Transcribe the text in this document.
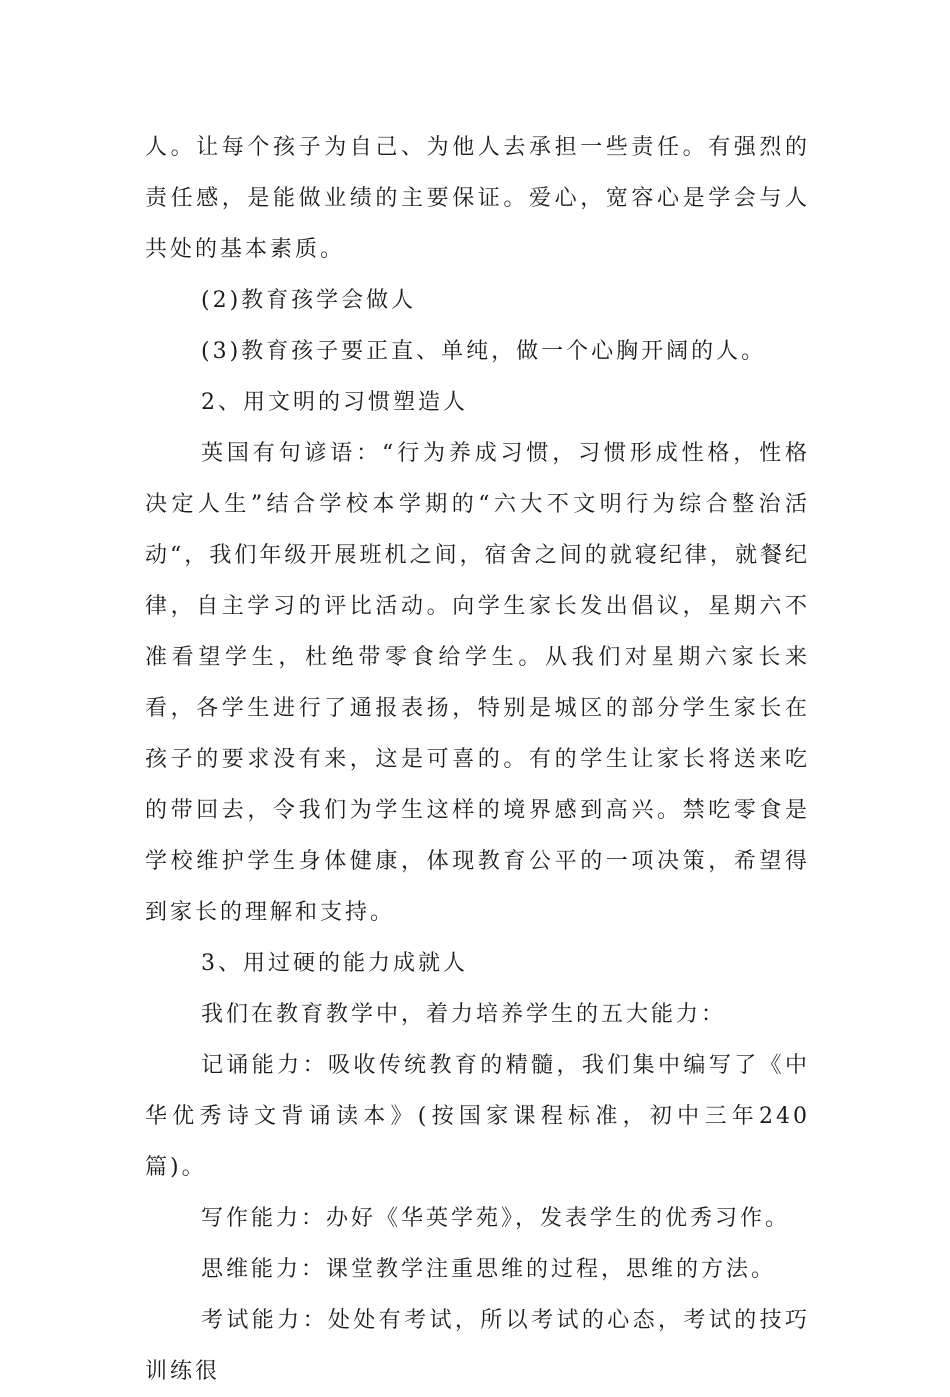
人。让每个孩子为自己、为他人去承担一些责任。有强烈的责任感，是能做业绩的主要保证。爱心，宽容心是学会与人共处的基本素质。

(2)教育孩学会做人

(3)教育孩子要正直、单纯，做一个心胸开阔的人。

2、用文明的习惯塑造人

英国有句谚语：“行为养成习惯，习惯形成性格，性格决定人生”结合学校本学期的“六大不文明行为综合整治活动“，我们年级开展班机之间，宿舍之间的就寝纪律，就餐纪律，自主学习的评比活动。向学生家长发出倡议，星期六不准看望学生，杜绝带零食给学生。从我们对星期六家长来看，各学生进行了通报表扬，特别是城区的部分学生家长在孩子的要求没有来，这是可喜的。有的学生让家长将送来吃的带回去，令我们为学生这样的境界感到高兴。禁吃零食是学校维护学生身体健康，体现教育公平的一项决策，希望得到家长的理解和支持。

3、用过硬的能力成就人

我们在教育教学中，着力培养学生的五大能力：

记诵能力：吸收传统教育的精髓，我们集中编写了《中华优秀诗文背诵读本》(按国家课程标准，初中三年240篇)。

写作能力：办好《华英学苑》，发表学生的优秀习作。

思维能力：课堂教学注重思维的过程，思维的方法。

考试能力：处处有考试，所以考试的心态，考试的技巧训练很
